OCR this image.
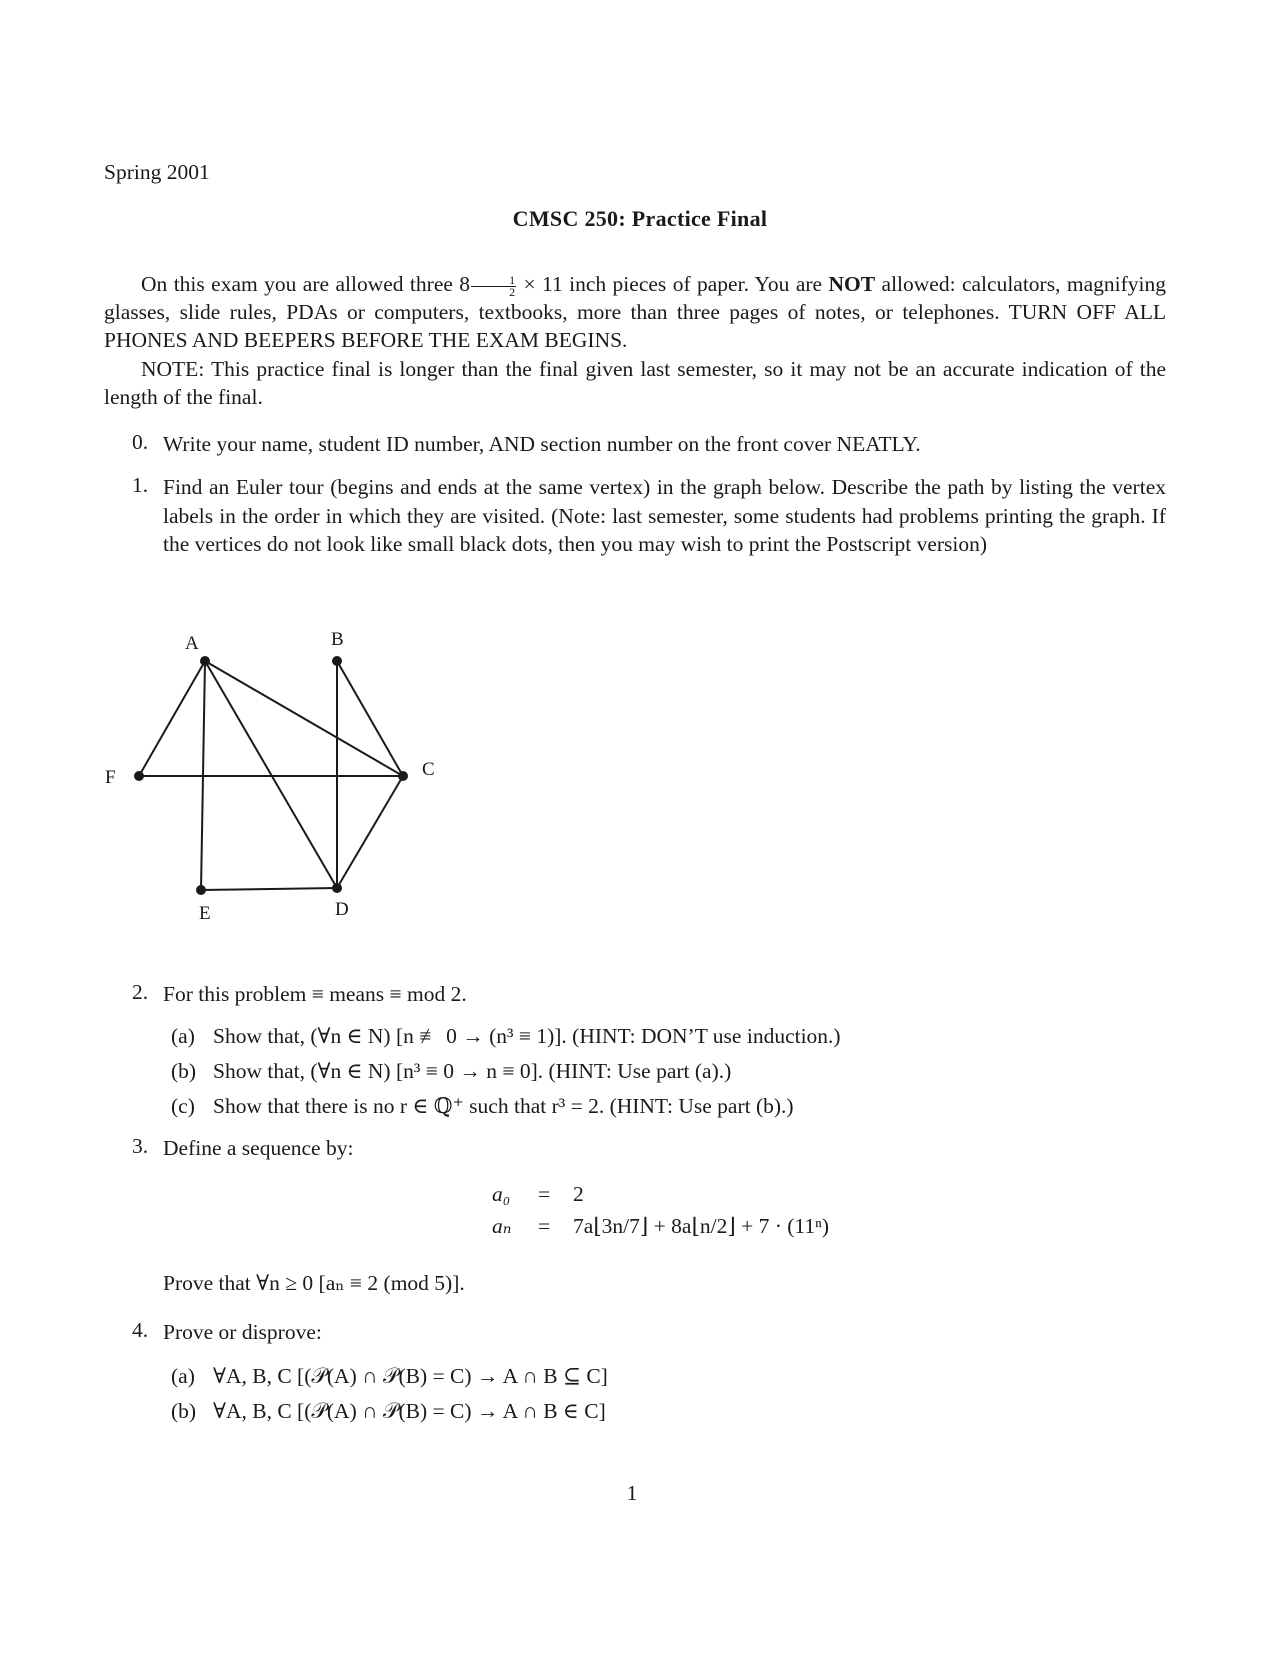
Spring 2001
CMSC 250: Practice Final
On this exam you are allowed three $8 \frac{1}{2} \times 11$ inch pieces of paper. You are NOT allowed: calculators, magnifying glasses, slide rules, PDAs or computers, textbooks, more than three pages of notes, or telephones. TURN OFF ALL PHONES AND BEEPERS BEFORE THE EXAM BEGINS.
NOTE: This practice final is longer than the final given last semester, so it may not be an accurate indication of the length of the final.
0. Write your name, student ID number, AND section number on the front cover NEATLY.
1. Find an Euler tour (begins and ends at the same vertex) in the graph below. Describe the path by listing the vertex labels in the order in which they are visited. (Note: last semester, some students had problems printing the graph. If the vertices do not look like small black dots, then you may wish to print the Postscript version)
A	B
C
D
E
F
2. For this problem ≡ means ≡ mod 2.
(a) Show that, (∀n ∈ N) [n ≢ 0 → (n³ ≡ 1)]. (HINT: DON’T use induction.)
(b) Show that, (∀n ∈ N) [n³ ≡ 0 → n ≡ 0]. (HINT: Use part (a).)
(c) Show that there is no r ∈ ℚ⁺ such that r³ = 2. (HINT: Use part (b).)
3. Define a sequence by:
a₀ = 2
aₙ = 7a⌊3n/7⌋ + 8a⌊n/2⌋ + 7 · (11ⁿ)
Prove that ∀n ≥ 0 [aₙ ≡ 2 (mod 5)].
4. Prove or disprove:
(a) ∀A, B, C [(𝒫(A) ∩ 𝒫(B) = C) → A ∩ B ⊆ C]
(b) ∀A, B, C [(𝒫(A) ∩ 𝒫(B) = C) → A ∩ B ∈ C]
1
